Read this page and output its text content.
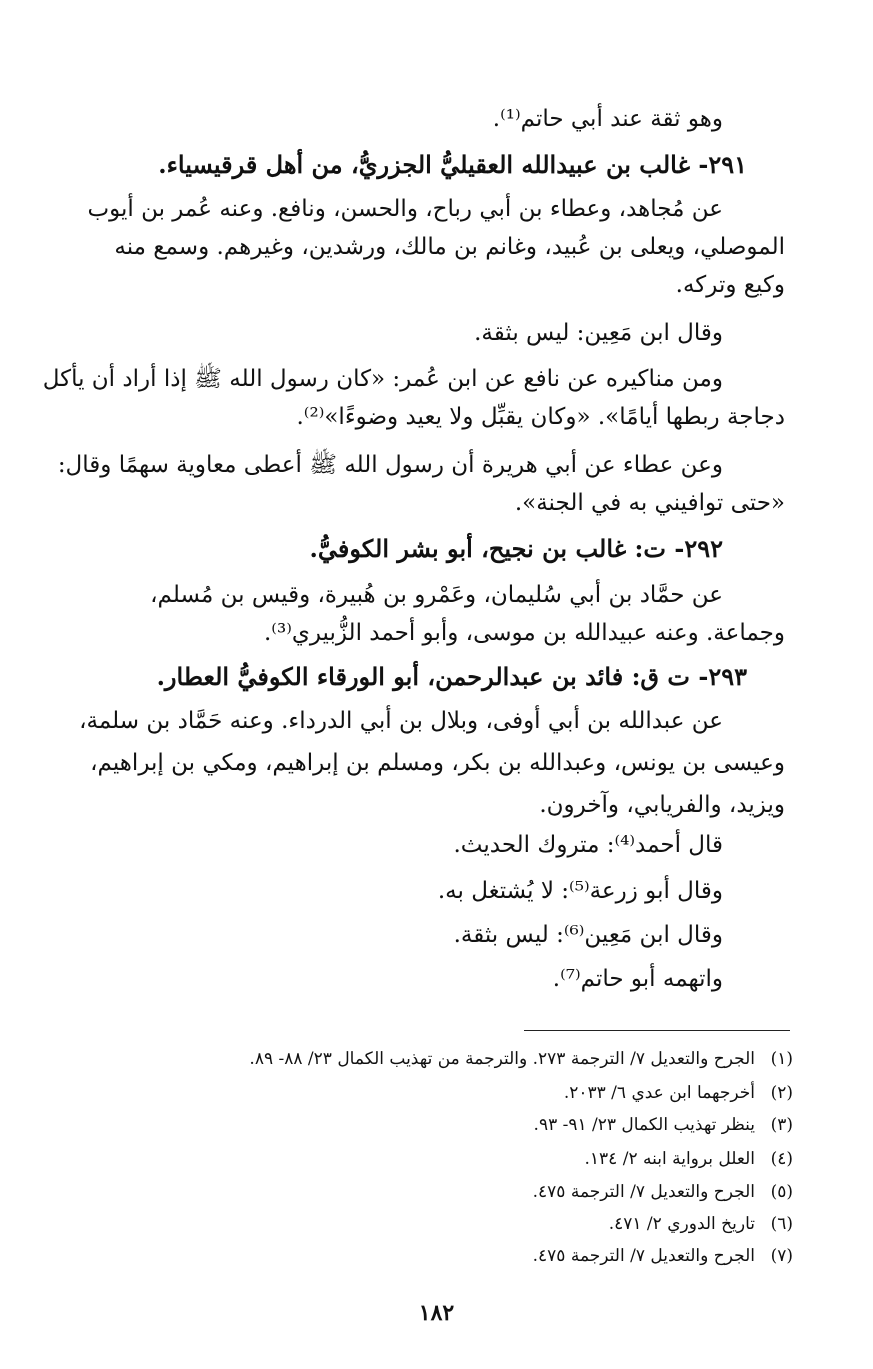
وهو ثقة عند أبي حاتم⁽¹⁾.
٢٩١- غالب بن عبيدالله العقيليُّ الجزريُّ، من أهل قرقيسياء.
عن مُجاهد، وعطاء بن أبي رباح، والحسن، ونافع. وعنه عُمر بن أيوب
الموصلي، ويعلى بن عُبيد، وغانم بن مالك، ورشدين، وغيرهم. وسمع منه
وكيع وتركه.
وقال ابن مَعِين: ليس بثقة.
ومن مناكيره عن نافع عن ابن عُمر: «كان رسول الله ﷺ إذا أراد أن يأكل
دجاجة ربطها أيامًا». «وكان يقبِّل ولا يعيد وضوءًا»⁽²⁾.
وعن عطاء عن أبي هريرة أن رسول الله ﷺ أعطى معاوية سهمًا وقال:
«حتى توافيني به في الجنة».
٢٩٢- ت: غالب بن نجيح، أبو بشر الكوفيُّ.
عن حمَّاد بن أبي سُليمان، وعَمْرو بن هُبيرة، وقيس بن مُسلم،
وجماعة. وعنه عبيدالله بن موسى، وأبو أحمد الزُّبيري⁽³⁾.
٢٩٣- ت ق: فائد بن عبدالرحمن، أبو الورقاء الكوفيُّ العطار.
عن عبدالله بن أبي أوفى، وبلال بن أبي الدرداء. وعنه حَمَّاد بن سلمة،
وعيسى بن يونس، وعبدالله بن بكر، ومسلم بن إبراهيم، ومكي بن إبراهيم،
ويزيد، والفريابي، وآخرون.
قال أحمد⁽⁴⁾: متروك الحديث.
وقال أبو زرعة⁽⁵⁾: لا يُشتغل به.
وقال ابن مَعِين⁽⁶⁾: ليس بثقة.
واتهمه أبو حاتم⁽⁷⁾.
(١)الجرح والتعديل ٧/ الترجمة ٢٧٣. والترجمة من تهذيب الكمال ٢٣/ ٨٨- ٨٩.
(٢)أخرجهما ابن عدي ٦/ ٢٠٣٣.
(٣)ينظر تهذيب الكمال ٢٣/ ٩١- ٩٣.
(٤)العلل برواية ابنه ٢/ ١٣٤.
(٥)الجرح والتعديل ٧/ الترجمة ٤٧٥.
(٦)تاريخ الدوري ٢/ ٤٧١.
(٧)الجرح والتعديل ٧/ الترجمة ٤٧٥.
١٨٢
